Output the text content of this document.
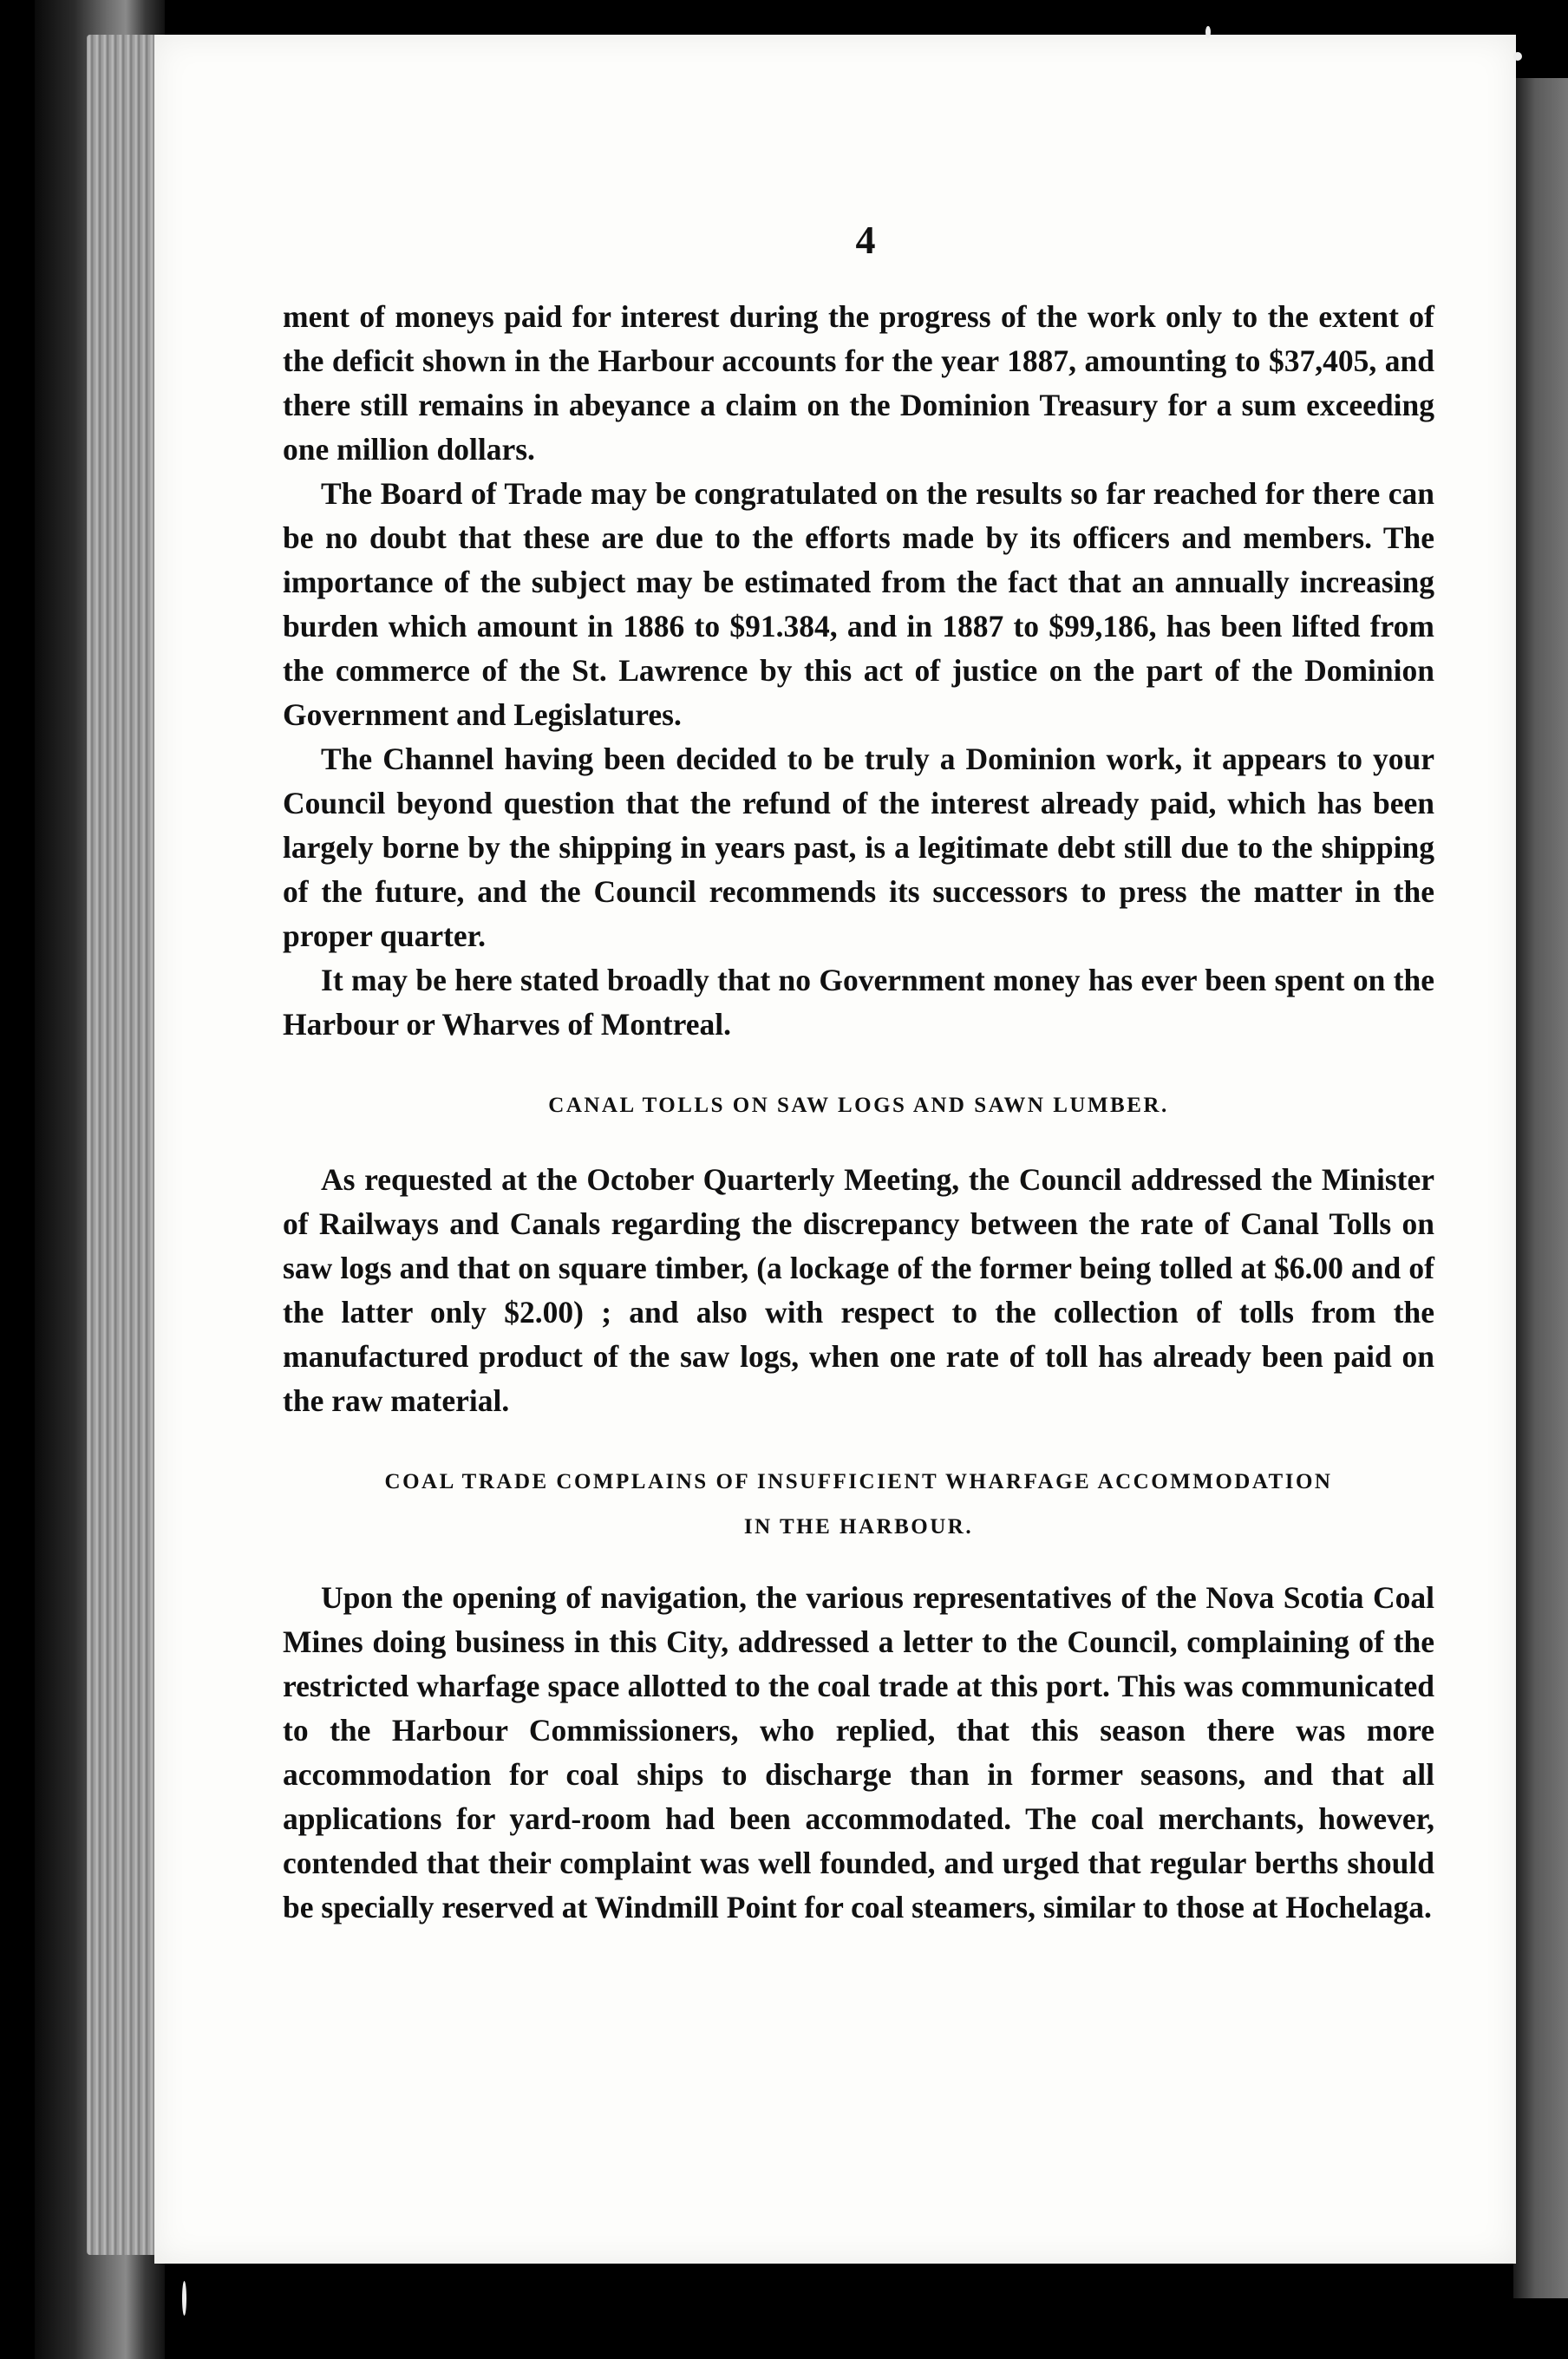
4

ment of moneys paid for interest during the progress of the work only to the extent of the deficit shown in the Harbour accounts for the year 1887, amounting to $37,405, and there still remains in abeyance a claim on the Dominion Treasury for a sum exceeding one million dollars.

The Board of Trade may be congratulated on the results so far reached for there can be no doubt that these are due to the efforts made by its officers and members. The importance of the subject may be estimated from the fact that an annually increasing burden which amount in 1886 to $91.384, and in 1887 to $99,186, has been lifted from the commerce of the St. Lawrence by this act of justice on the part of the Dominion Government and Legislatures.

The Channel having been decided to be truly a Dominion work, it appears to your Council beyond question that the refund of the interest already paid, which has been largely borne by the shipping in years past, is a legitimate debt still due to the shipping of the future, and the Council recommends its successors to press the matter in the proper quarter.

It may be here stated broadly that no Government money has ever been spent on the Harbour or Wharves of Montreal.

CANAL TOLLS ON SAW LOGS AND SAWN LUMBER.

As requested at the October Quarterly Meeting, the Council addressed the Minister of Railways and Canals regarding the discrepancy between the rate of Canal Tolls on saw logs and that on square timber, (a lockage of the former being tolled at $6.00 and of the latter only $2.00) ; and also with respect to the collection of tolls from the manufactured product of the saw logs, when one rate of toll has already been paid on the raw material.

COAL TRADE COMPLAINS OF INSUFFICIENT WHARFAGE ACCOMMODATION
IN THE HARBOUR.

Upon the opening of navigation, the various representatives of the Nova Scotia Coal Mines doing business in this City, addressed a letter to the Council, complaining of the restricted wharfage space allotted to the coal trade at this port. This was communicated to the Harbour Commissioners, who replied, that this season there was more accommodation for coal ships to discharge than in former seasons, and that all applications for yard-room had been accommodated. The coal merchants, however, contended that their complaint was well founded, and urged that regular berths should be specially reserved at Windmill Point for coal steamers, similar to those at Hochelaga.
